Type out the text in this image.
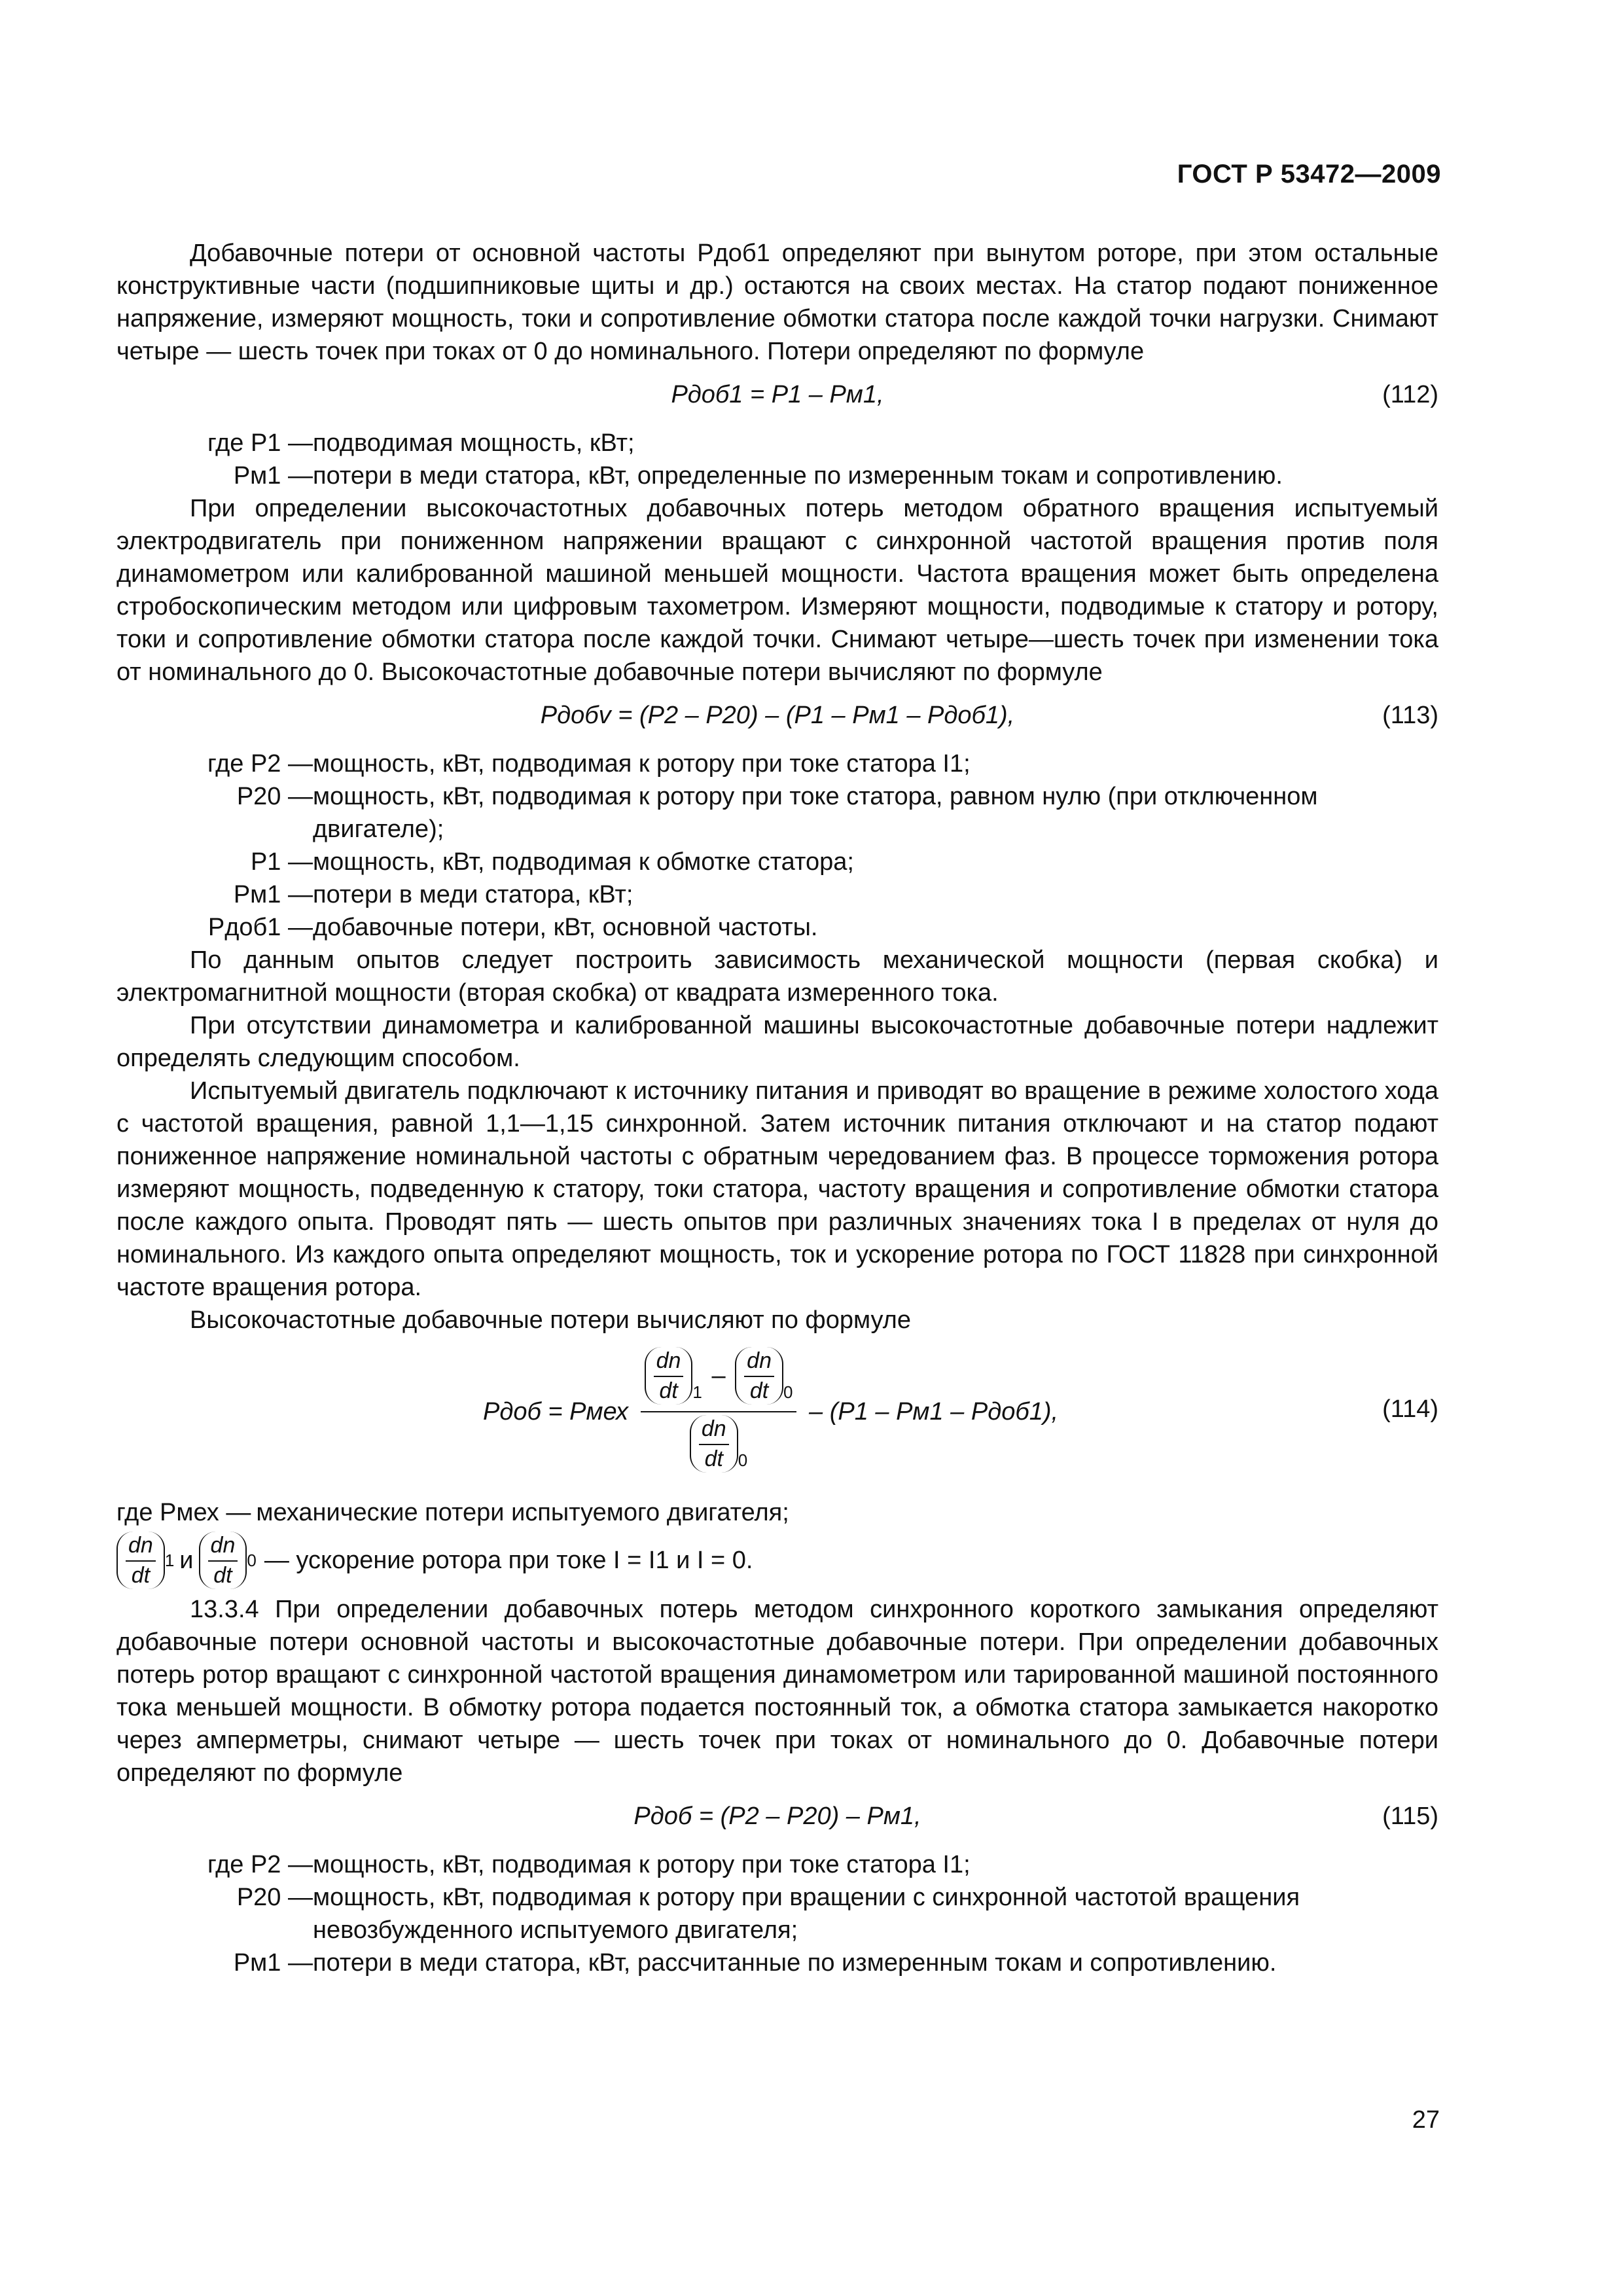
ГОСТ Р 53472—2009

Добавочные потери от основной частоты Pдоб1 определяют при вынутом роторе, при этом остальные конструктивные части (подшипниковые щиты и др.) остаются на своих местах. На статор подают пониженное напряжение, измеряют мощность, токи и сопротивление обмотки статора после каждой точки нагрузки. Снимают четыре — шесть точек при токах от 0 до номинального. Потери определяют по формуле

Pдоб1 = P1 – Pм1,	(112)
где P1 — подводимая мощность, кВт;
Pм1 — потери в меди статора, кВт, определенные по измеренным токам и сопротивлению.

При определении высокочастотных добавочных потерь методом обратного вращения испытуемый электродвигатель при пониженном напряжении вращают с синхронной частотой вращения против поля динамометром или калиброванной машиной меньшей мощности. Частота вращения может быть определена стробоскопическим методом или цифровым тахометром. Измеряют мощности, подводимые к статору и ротору, токи и сопротивление обмотки статора после каждой точки. Снимают четыре—шесть точек при изменении тока от номинального до 0. Высокочастотные добавочные потери вычисляют по формуле

Pдобv = (P2 – P20) – (P1 – Pм1 – Pдоб1),	(113)
где P2 — мощность, кВт, подводимая к ротору при токе статора I1;
P20 — мощность, кВт, подводимая к ротору при токе статора, равном нулю (при отключенном двигателе);
P1 — мощность, кВт, подводимая к обмотке статора;
Pм1 — потери в меди статора, кВт;
Pдоб1 — добавочные потери, кВт, основной частоты.

По данным опытов следует построить зависимость механической мощности (первая скобка) и электромагнитной мощности (вторая скобка) от квадрата измеренного тока.

При отсутствии динамометра и калиброванной машины высокочастотные добавочные потери надлежит определять следующим способом.

Испытуемый двигатель подключают к источнику питания и приводят во вращение в режиме холостого хода с частотой вращения, равной 1,1—1,15 синхронной. Затем источник питания отключают и на статор подают пониженное напряжение номинальной частоты с обратным чередованием фаз. В процессе торможения ротора измеряют мощность, подведенную к статору, токи статора, частоту вращения и сопротивление обмотки статора после каждого опыта. Проводят пять — шесть опытов при различных значениях тока I в пределах от нуля до номинального. Из каждого опыта определяют мощность, ток и ускорение ротора по ГОСТ 11828 при синхронной частоте вращения ротора.

Высокочастотные добавочные потери вычисляют по формуле

Pдоб = Pмех $\frac{\frac{dn}{dt} _1 - \frac{dn}{dt} _0}{\frac{dn}{dt} _0} - (P1 - Pм1$ – Pдоб1),	(114)
где Pмех — механические потери испытуемого двигателя;
dn
dt
1 и
dn
dt
0 — ускорение ротора при токе I = I1 и I = 0.

13.3.4 При определении добавочных потерь методом синхронного короткого замыкания определяют добавочные потери основной частоты и высокочастотные добавочные потери. При определении добавочных потерь ротор вращают с синхронной частотой вращения динамометром или тарированной машиной постоянного тока меньшей мощности. В обмотку ротора подается постоянный ток, а обмотка статора замыкается накоротко через амперметры, снимают четыре — шесть точек при токах от номинального до 0. Добавочные потери определяют по формуле

Pдоб = (P2 – P20) – Pм1,	(115)
где P2 — мощность, кВт, подводимая к ротору при токе статора I1;
P20 — мощность, кВт, подводимая к ротору при вращении с синхронной частотой вращения невозбужденного испытуемого двигателя;
Pм1 — потери в меди статора, кВт, рассчитанные по измеренным токам и сопротивлению.
27
